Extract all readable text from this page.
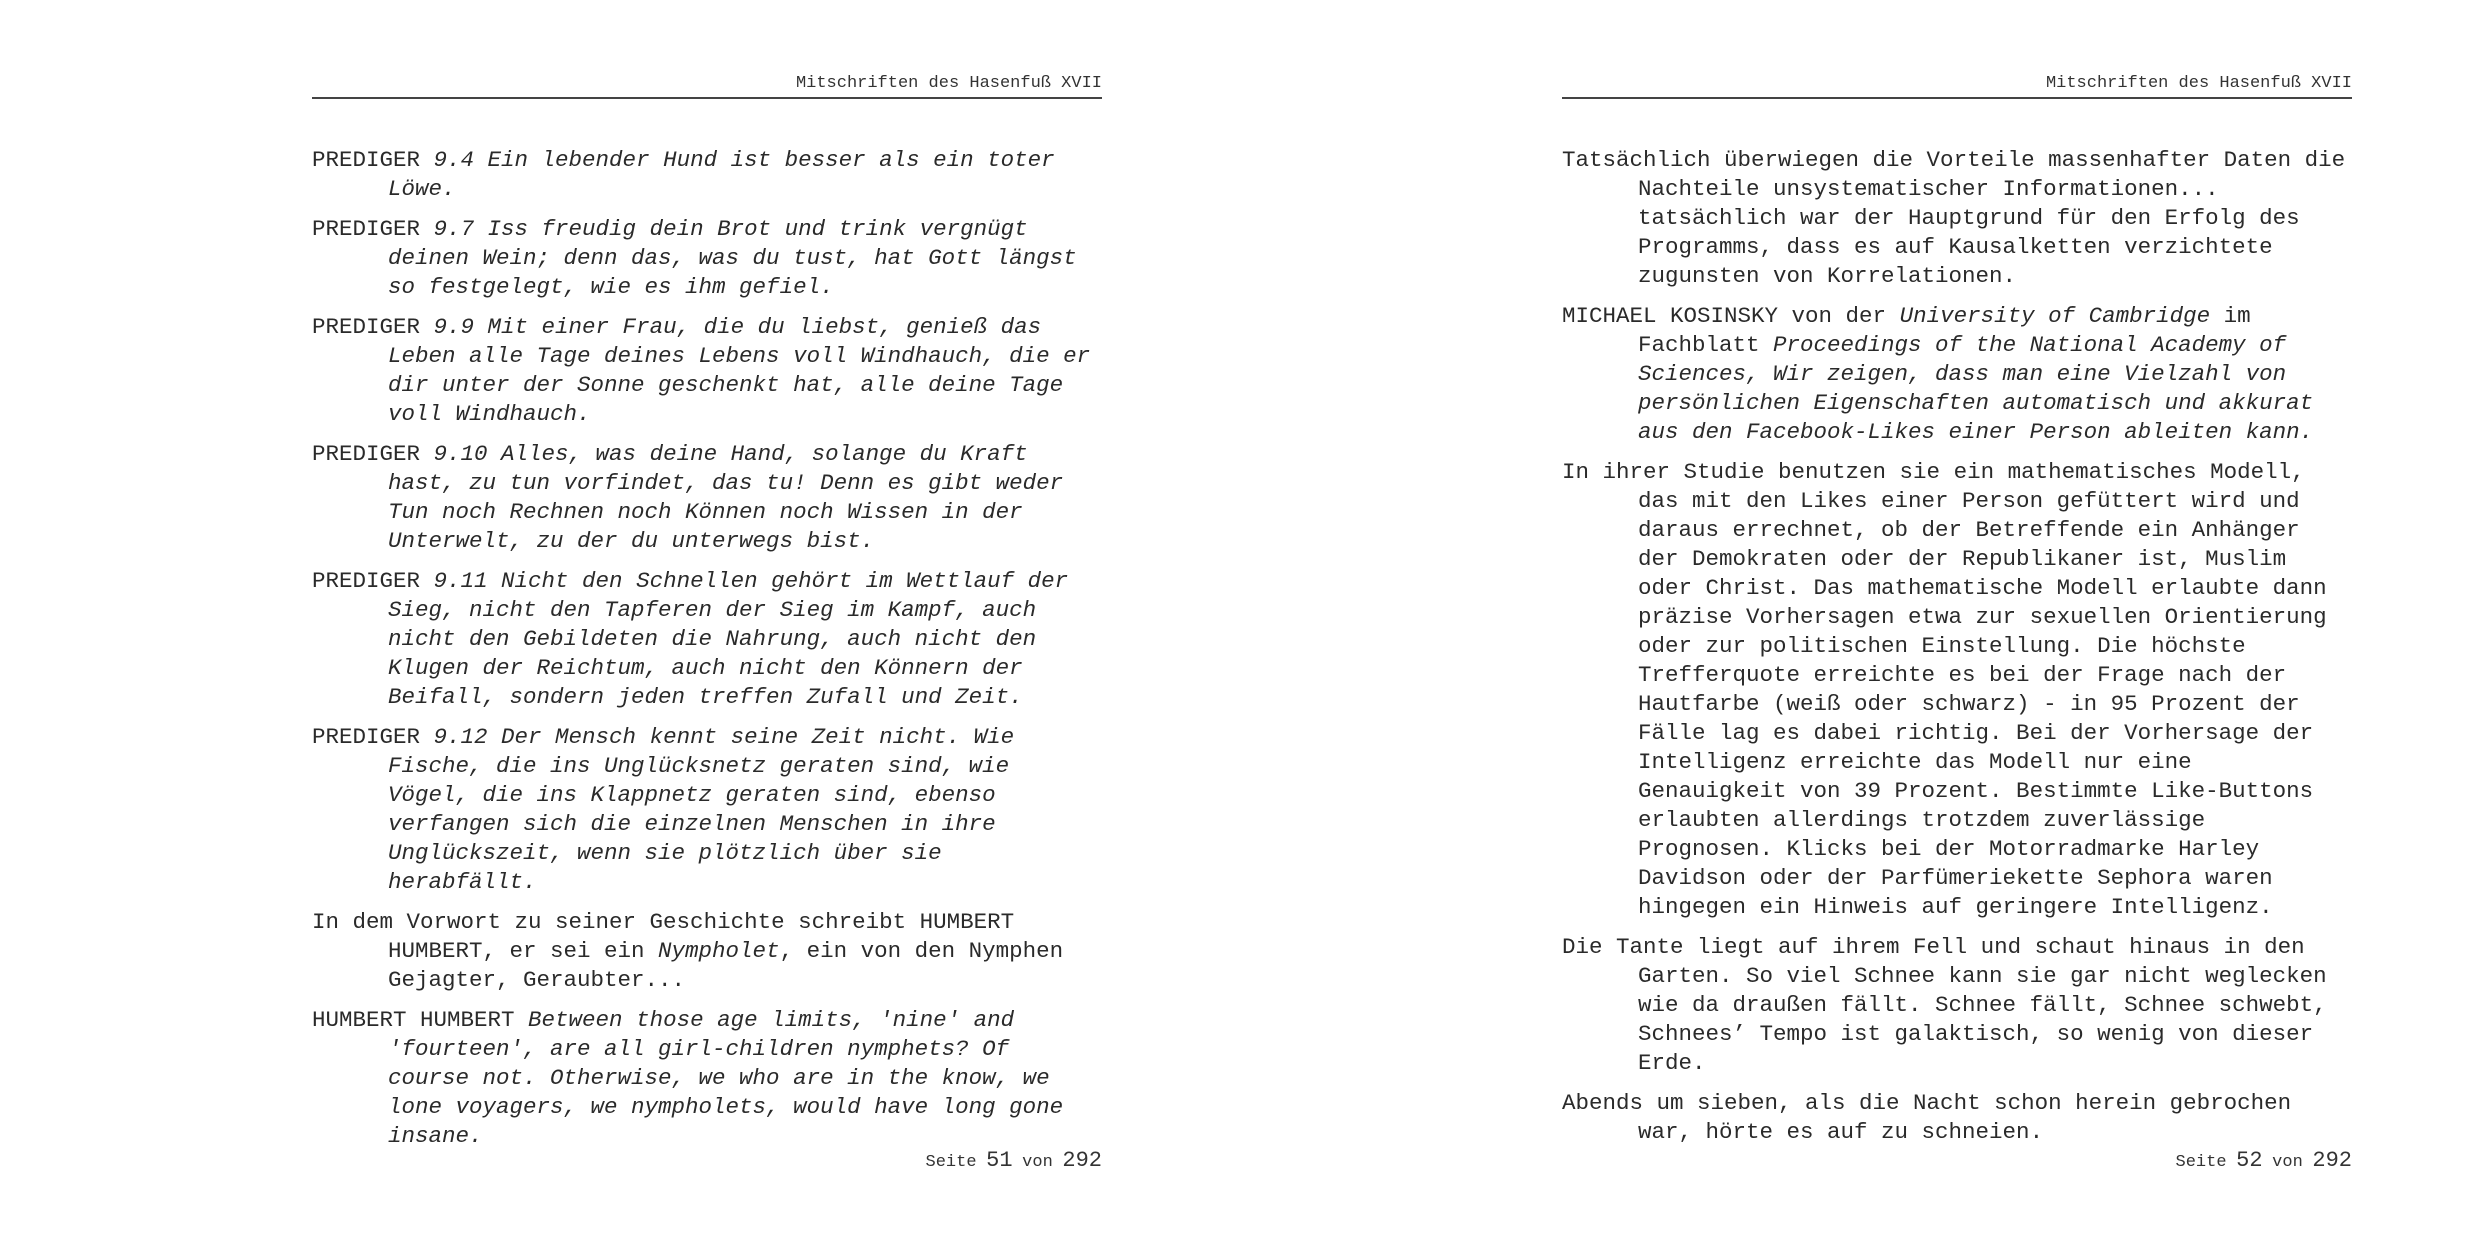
Mitschriften des Hasenfuß XVII

PREDIGER 9.4 Ein lebender Hund ist besser als ein toter Löwe.

PREDIGER 9.7 Iss freudig dein Brot und trink vergnügt deinen Wein; denn das, was du tust, hat Gott längst so festgelegt, wie es ihm gefiel.

PREDIGER 9.9 Mit einer Frau, die du liebst, genieß das Leben alle Tage deines Lebens voll Windhauch, die er dir unter der Sonne geschenkt hat, alle deine Tage voll Windhauch.

PREDIGER 9.10 Alles, was deine Hand, solange du Kraft hast, zu tun vorfindet, das tu! Denn es gibt weder Tun noch Rechnen noch Können noch Wissen in der Unterwelt, zu der du unterwegs bist.

PREDIGER 9.11 Nicht den Schnellen gehört im Wettlauf der Sieg, nicht den Tapferen der Sieg im Kampf, auch nicht den Gebildeten die Nahrung, auch nicht den Klugen der Reichtum, auch nicht den Könnern der Beifall, sondern jeden treffen Zufall und Zeit.

PREDIGER 9.12 Der Mensch kennt seine Zeit nicht. Wie Fische, die ins Unglücksnetz geraten sind, wie Vögel, die ins Klappnetz geraten sind, ebenso verfangen sich die einzelnen Menschen in ihre Unglückszeit, wenn sie plötzlich über sie herabfällt.

In dem Vorwort zu seiner Geschichte schreibt HUMBERT HUMBERT, er sei ein Nympholet, ein von den Nymphen Gejagter, Geraubter...

HUMBERT HUMBERT Between those age limits, 'nine' and 'fourteen', are all girl-children nymphets? Of course not. Otherwise, we who are in the know, we lone voyagers, we nympholets, would have long gone insane.

Seite 51 von 292
Mitschriften des Hasenfuß XVII

Tatsächlich überwiegen die Vorteile massenhafter Daten die Nachteile unsystematischer Informationen... tatsächlich war der Hauptgrund für den Erfolg des Programms, dass es auf Kausalketten verzichtete zugunsten von Korrelationen.

MICHAEL KOSINSKY von der University of Cambridge im Fachblatt Proceedings of the National Academy of Sciences, Wir zeigen, dass man eine Vielzahl von persönlichen Eigenschaften automatisch und akkurat aus den Facebook-Likes einer Person ableiten kann.

In ihrer Studie benutzen sie ein mathematisches Modell, das mit den Likes einer Person gefüttert wird und daraus errechnet, ob der Betreffende ein Anhänger der Demokraten oder der Republikaner ist, Muslim oder Christ. Das mathematische Modell erlaubte dann präzise Vorhersagen etwa zur sexuellen Orientierung oder zur politischen Einstellung. Die höchste Trefferquote erreichte es bei der Frage nach der Hautfarbe (weiß oder schwarz) - in 95 Prozent der Fälle lag es dabei richtig. Bei der Vorhersage der Intelligenz erreichte das Modell nur eine Genauigkeit von 39 Prozent. Bestimmte Like-Buttons erlaubten allerdings trotzdem zuverlässige Prognosen. Klicks bei der Motorradmarke Harley Davidson oder der Parfümeriekette Sephora waren hingegen ein Hinweis auf geringere Intelligenz.

Die Tante liegt auf ihrem Fell und schaut hinaus in den Garten. So viel Schnee kann sie gar nicht weglecken wie da draußen fällt. Schnee fällt, Schnee schwebt, Schnees’ Tempo ist galaktisch, so wenig von dieser Erde.

Abends um sieben, als die Nacht schon herein gebrochen war, hörte es auf zu schneien.

Seite 52 von 292
